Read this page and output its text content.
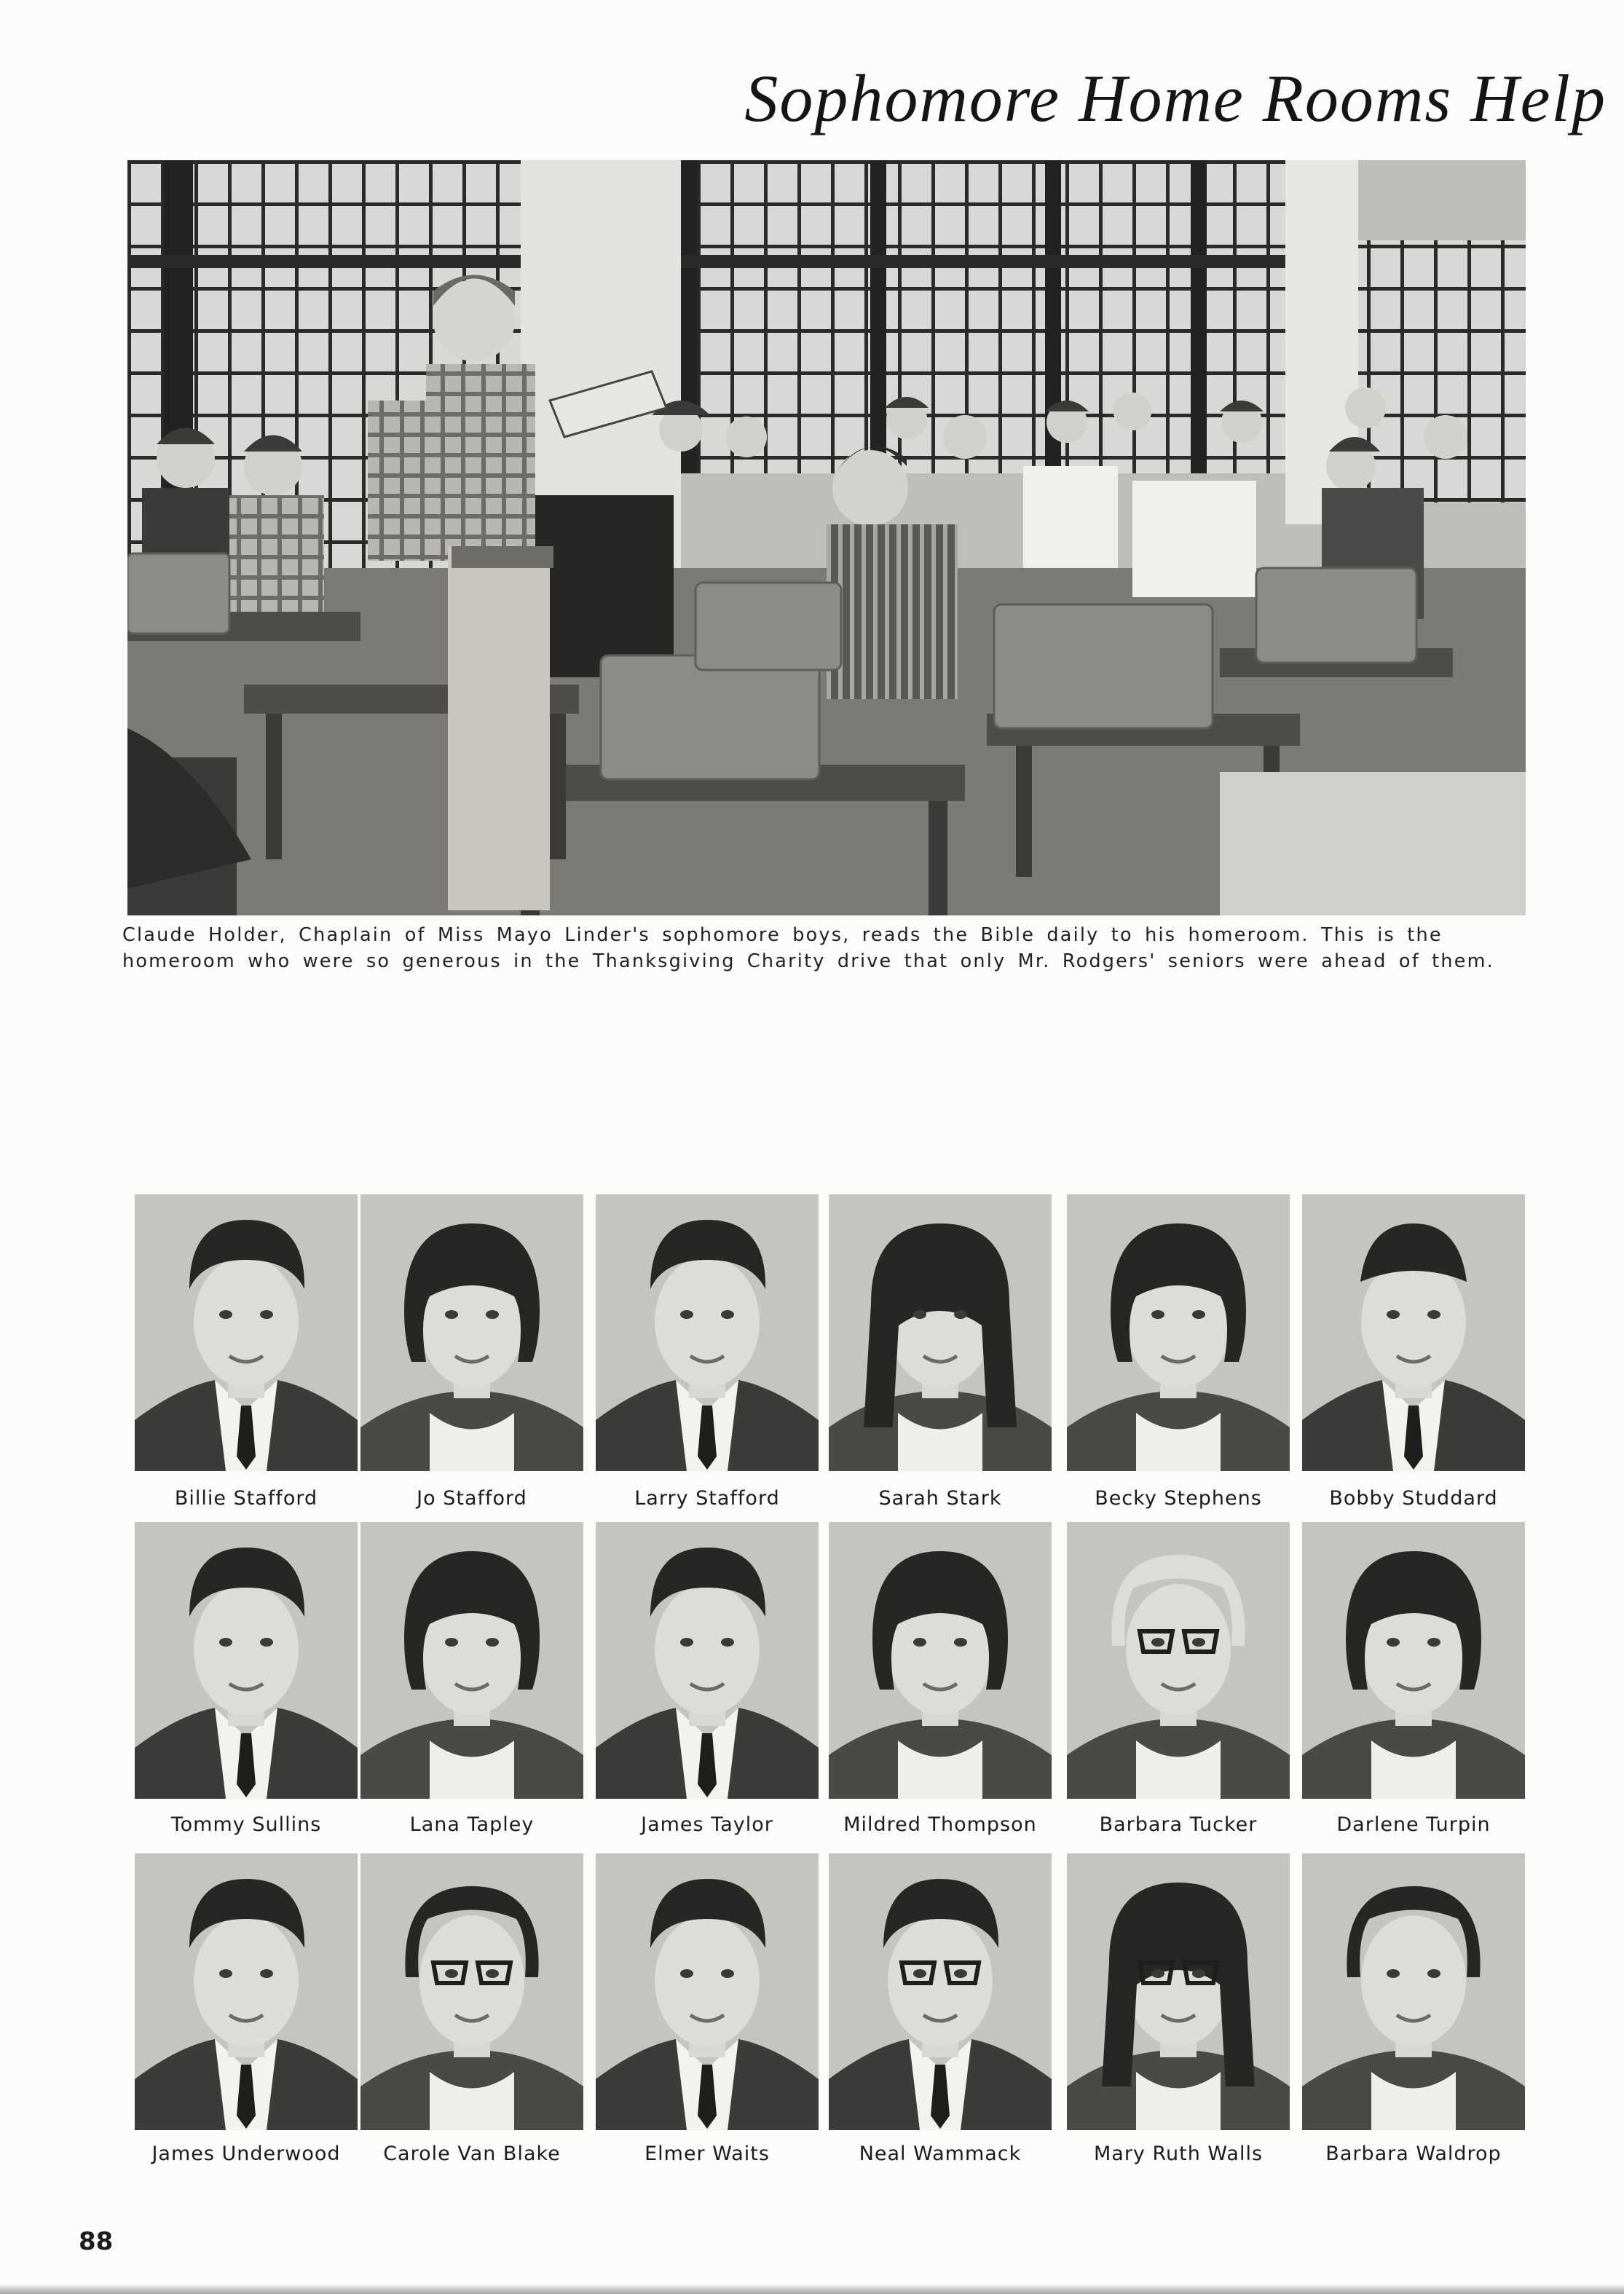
Sophomore Home Rooms Help

Claude Holder, Chaplain of Miss Mayo Linder's sophomore boys, reads the Bible daily to his homeroom. This is the homeroom who were so generous in the Thanksgiving Charity drive that only Mr. Rodgers' seniors were ahead of them.

Billie Stafford	Jo Stafford	Larry Stafford	Sarah Stark	Becky Stephens	Bobby Studdard
Tommy Sullins	Lana Tapley	James Taylor	Mildred Thompson	Barbara Tucker	Darlene Turpin
James Underwood	Carole Van Blake	Elmer Waits	Neal Wammack	Mary Ruth Walls	Barbara Waldrop
88
